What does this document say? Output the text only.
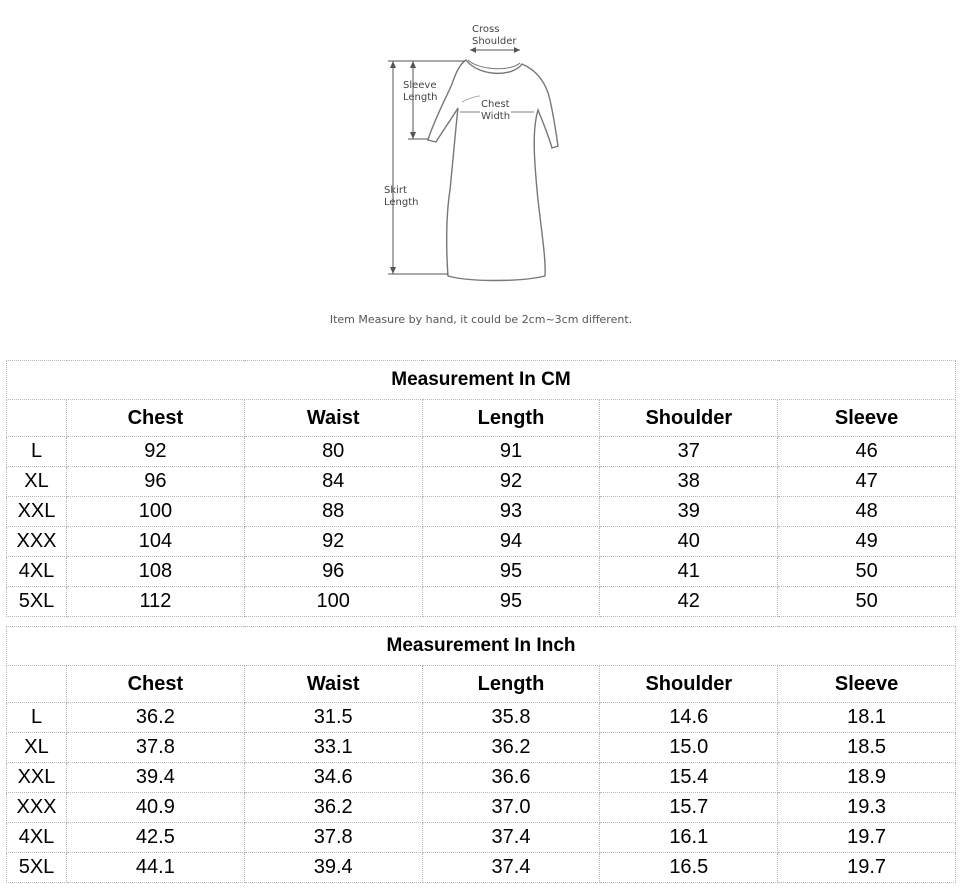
Cross
Shoulder
Sleeve
Length
Chest
Width
Skirt
Length
Item Measure by hand, it could be 2cm~3cm different.
Measurement In CM					
	Chest	Waist	Length	Shoulder	Sleeve
L	92	80	91	37	46
XL	96	84	92	38	47
XXL	100	88	93	39	48
XXX	104	92	94	40	49
4XL	108	96	95	41	50
5XL	112	100	95	42	50
Measurement In Inch					
	Chest	Waist	Length	Shoulder	Sleeve
L	36.2	31.5	35.8	14.6	18.1
XL	37.8	33.1	36.2	15.0	18.5
XXL	39.4	34.6	36.6	15.4	18.9
XXX	40.9	36.2	37.0	15.7	19.3
4XL	42.5	37.8	37.4	16.1	19.7
5XL	44.1	39.4	37.4	16.5	19.7
